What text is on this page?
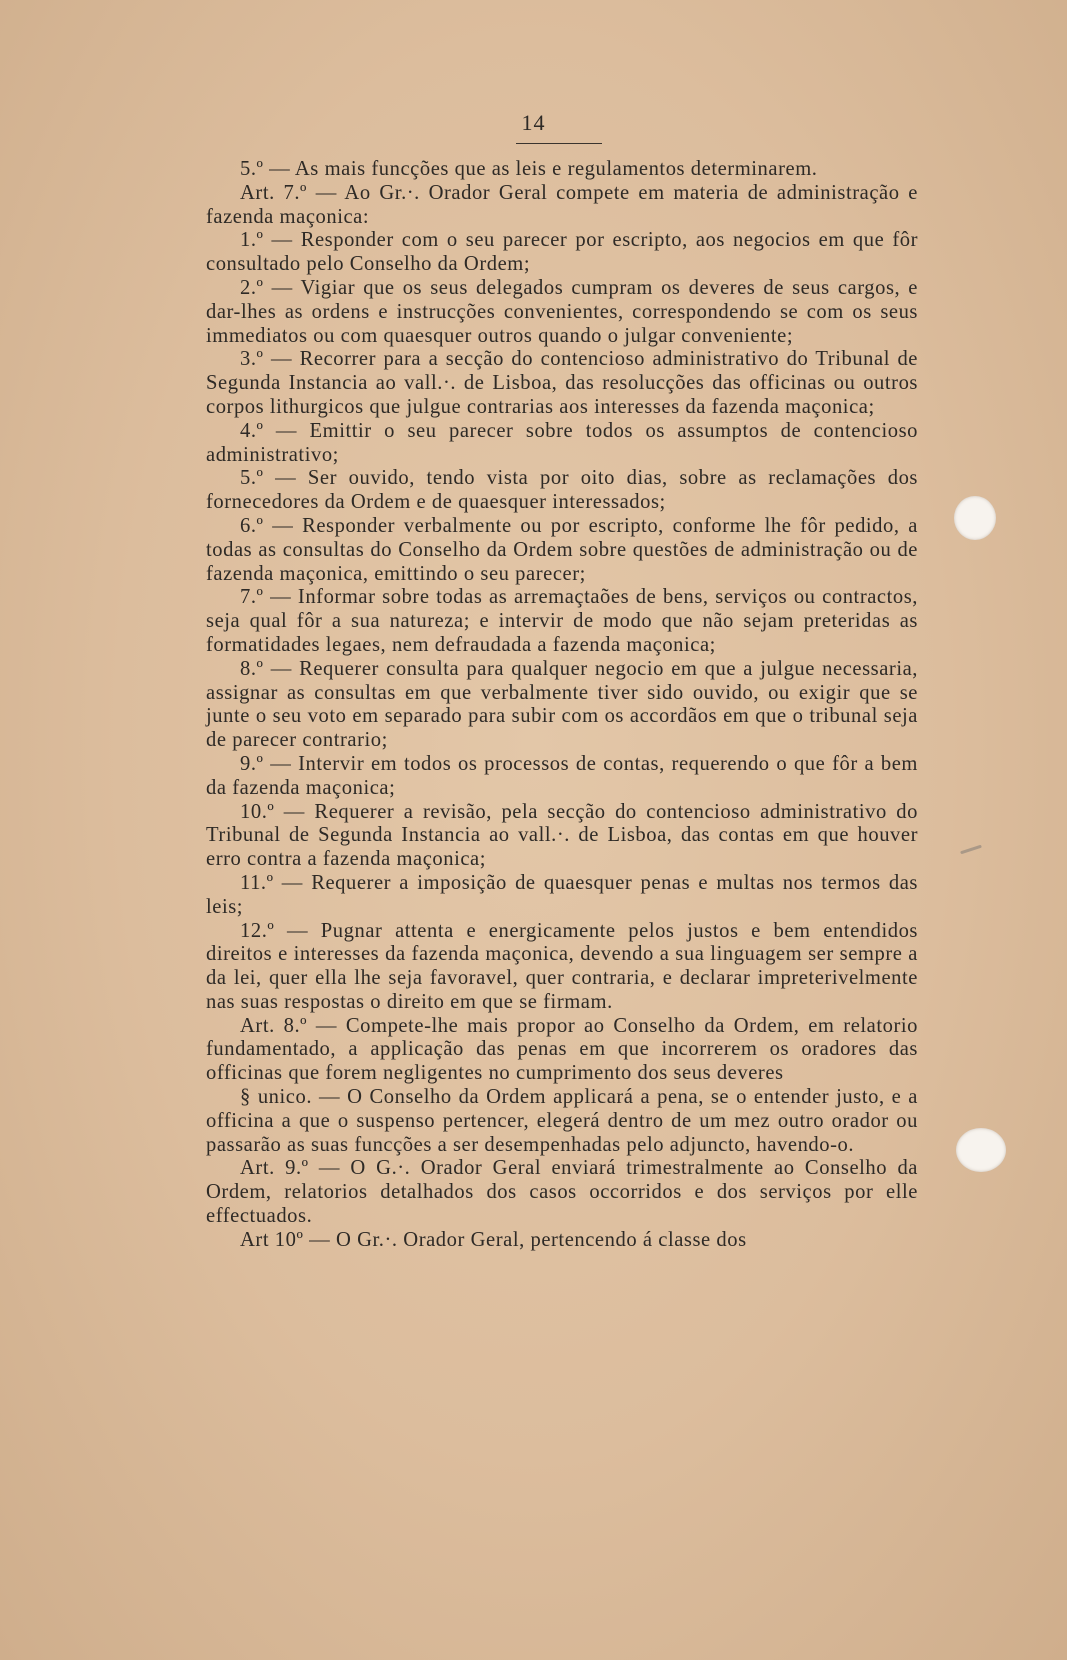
14

5.º — As mais funcções que as leis e regulamentos determinarem.

Art. 7.º — Ao Gr.·. Orador Geral compete em materia de administração e fazenda maçonica:

1.º — Responder com o seu parecer por escripto, aos negocios em que fôr consultado pelo Conselho da Ordem;

2.º — Vigiar que os seus delegados cumpram os deveres de seus cargos, e dar-lhes as ordens e instrucções convenientes, correspondendo se com os seus immediatos ou com quaesquer outros quando o julgar conveniente;

3.º — Recorrer para a secção do contencioso administrativo do Tribunal de Segunda Instancia ao vall.·. de Lisboa, das resolucções das officinas ou outros corpos lithurgicos que julgue contrarias aos interesses da fazenda maçonica;

4.º — Emittir o seu parecer sobre todos os assumptos de contencioso administrativo;

5.º — Ser ouvido, tendo vista por oito dias, sobre as reclamações dos fornecedores da Ordem e de quaesquer interessados;

6.º — Responder verbalmente ou por escripto, conforme lhe fôr pedido, a todas as consultas do Conselho da Ordem sobre questões de administração ou de fazenda maçonica, emittindo o seu parecer;

7.º — Informar sobre todas as arremaçtaões de bens, serviços ou contractos, seja qual fôr a sua natureza; e intervir de modo que não sejam preteridas as formatidades legaes, nem defraudada a fazenda maçonica;

8.º — Requerer consulta para qualquer negocio em que a julgue necessaria, assignar as consultas em que verbalmente tiver sido ouvido, ou exigir que se junte o seu voto em separado para subir com os accordãos em que o tribunal seja de parecer contrario;

9.º — Intervir em todos os processos de contas, requerendo o que fôr a bem da fazenda maçonica;

10.º — Requerer a revisão, pela secção do contencioso administrativo do Tribunal de Segunda Instancia ao vall.·. de Lisboa, das contas em que houver erro contra a fazenda maçonica;

11.º — Requerer a imposição de quaesquer penas e multas nos termos das leis;

12.º — Pugnar attenta e energicamente pelos justos e bem entendidos direitos e interesses da fazenda maçonica, devendo a sua linguagem ser sempre a da lei, quer ella lhe seja favoravel, quer contraria, e declarar impreterivelmente nas suas respostas o direito em que se firmam.

Art. 8.º — Compete-lhe mais propor ao Conselho da Ordem, em relatorio fundamentado, a applicação das penas em que incorrerem os oradores das officinas que forem negligentes no cumprimento dos seus deveres

§ unico. — O Conselho da Ordem applicará a pena, se o entender justo, e a officina a que o suspenso pertencer, elegerá dentro de um mez outro orador ou passarão as suas funcções a ser desempenhadas pelo adjuncto, havendo-o.

Art. 9.º — O G.·. Orador Geral enviará trimestralmente ao Conselho da Ordem, relatorios detalhados dos casos occorridos e dos serviços por elle effectuados.

Art 10º — O Gr.·. Orador Geral, pertencendo á classe dos
